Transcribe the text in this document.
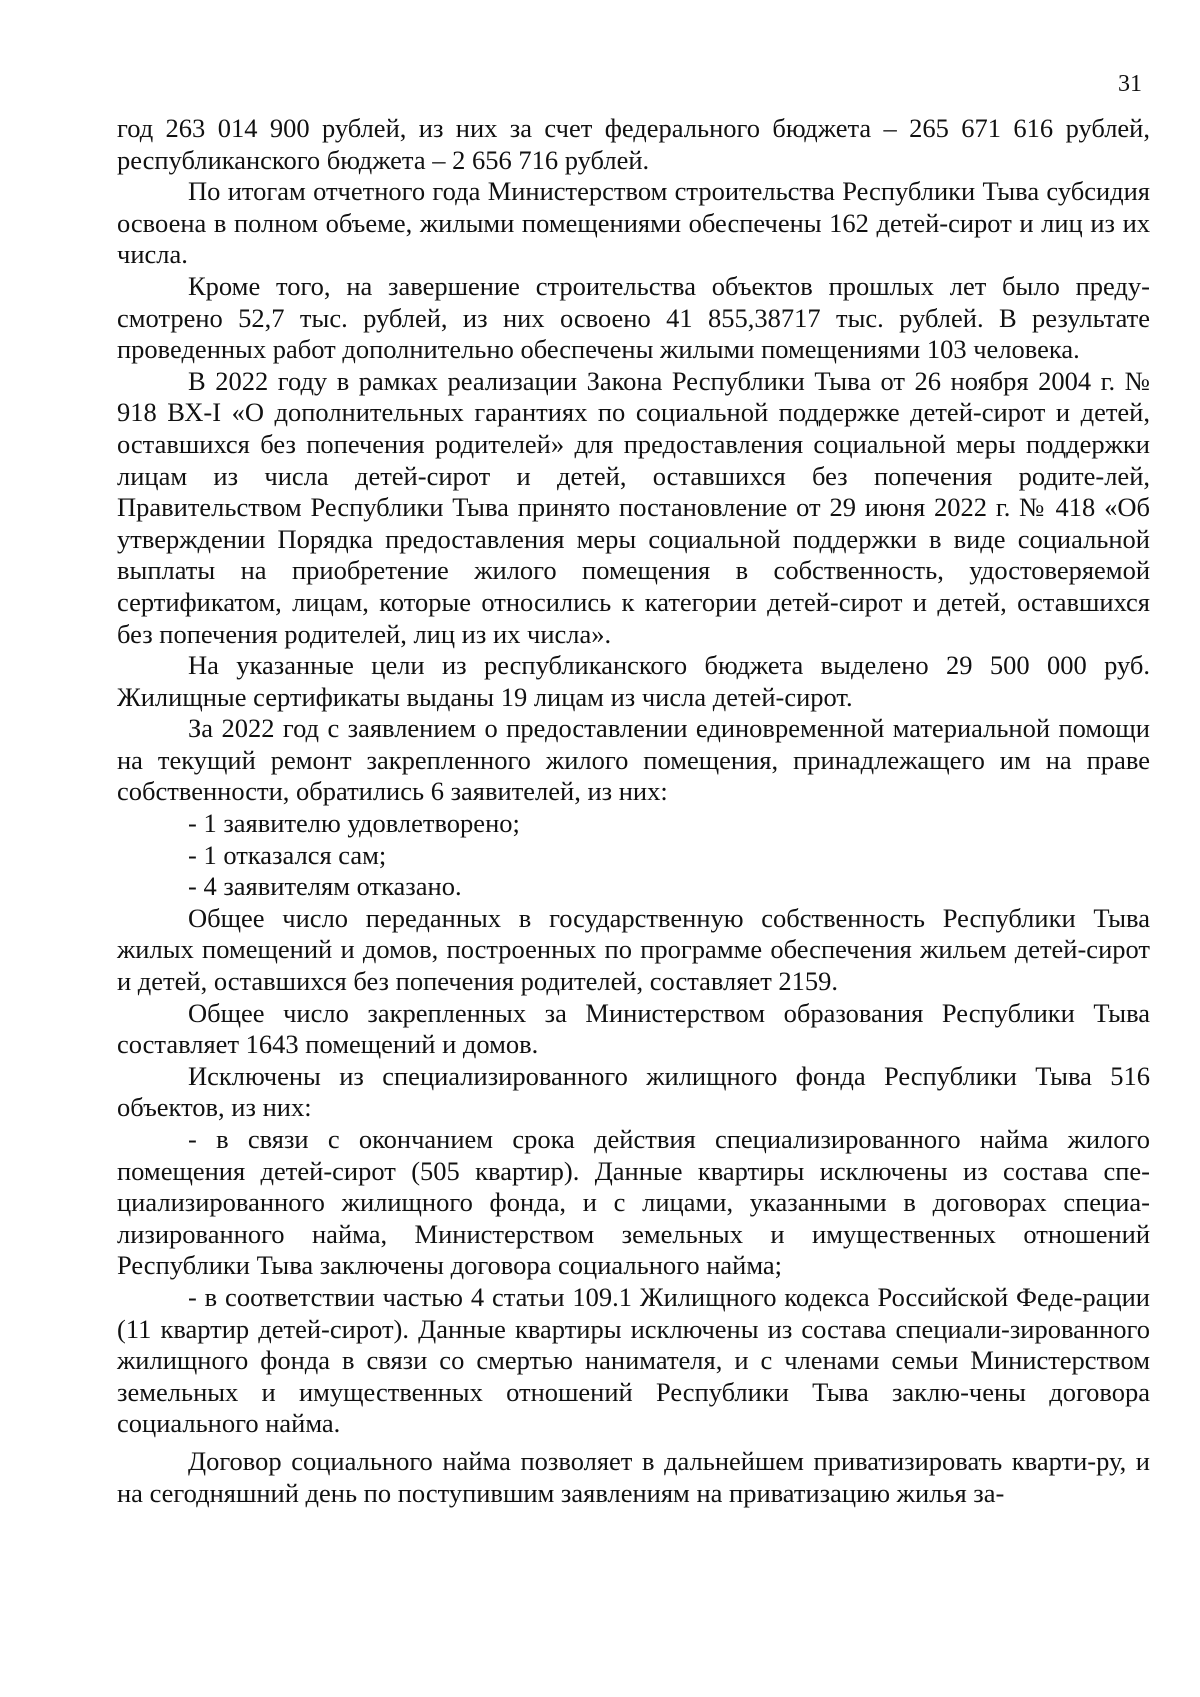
31

год 263 014 900 рублей, из них за счет федерального бюджета – 265 671 616 рублей, республиканского бюджета – 2 656 716 рублей.

По итогам отчетного года Министерством строительства Республики Тыва субсидия освоена в полном объеме, жилыми помещениями обеспечены 162 детей-сирот и лиц из их числа.

Кроме того, на завершение строительства объектов прошлых лет было преду-смотрено 52,7 тыс. рублей, из них освоено 41 855,38717 тыс. рублей. В результате проведенных работ дополнительно обеспечены жилыми помещениями 103 человека.

В 2022 году в рамках реализации Закона Республики Тыва от 26 ноября 2004 г. № 918 ВХ-I «О дополнительных гарантиях по социальной поддержке детей-сирот и детей, оставшихся без попечения родителей» для предоставления социальной меры поддержки лицам из числа детей-сирот и детей, оставшихся без попечения родите-лей, Правительством Республики Тыва принято постановление от 29 июня 2022 г. № 418 «Об утверждении Порядка предоставления меры социальной поддержки в виде социальной выплаты на приобретение жилого помещения в собственность, удостоверяемой сертификатом, лицам, которые относились к категории детей-сирот и детей, оставшихся без попечения родителей, лиц из их числа».

На указанные цели из республиканского бюджета выделено 29 500 000 руб. Жилищные сертификаты выданы 19 лицам из числа детей-сирот.

За 2022 год с заявлением о предоставлении единовременной материальной помощи на текущий ремонт закрепленного жилого помещения, принадлежащего им на праве собственности, обратились 6 заявителей, из них:

- 1 заявителю удовлетворено;

- 1 отказался сам;

- 4 заявителям отказано.

Общее число переданных в государственную собственность Республики Тыва жилых помещений и домов, построенных по программе обеспечения жильем детей-сирот и детей, оставшихся без попечения родителей, составляет 2159.

Общее число закрепленных за Министерством образования Республики Тыва составляет 1643 помещений и домов.

Исключены из специализированного жилищного фонда Республики Тыва 516 объектов, из них:

- в связи с окончанием срока действия специализированного найма жилого помещения детей-сирот (505 квартир). Данные квартиры исключены из состава спе-циализированного жилищного фонда, и с лицами, указанными в договорах специа-лизированного найма, Министерством земельных и имущественных отношений Республики Тыва заключены договора социального найма;

- в соответствии частью 4 статьи 109.1 Жилищного кодекса Российской Феде-рации (11 квартир детей-сирот). Данные квартиры исключены из состава специали-зированного жилищного фонда в связи со смертью нанимателя, и с членами семьи Министерством земельных и имущественных отношений Республики Тыва заклю-чены договора социального найма.

Договор социального найма позволяет в дальнейшем приватизировать кварти-ру, и на сегодняшний день по поступившим заявлениям на приватизацию жилья за-
